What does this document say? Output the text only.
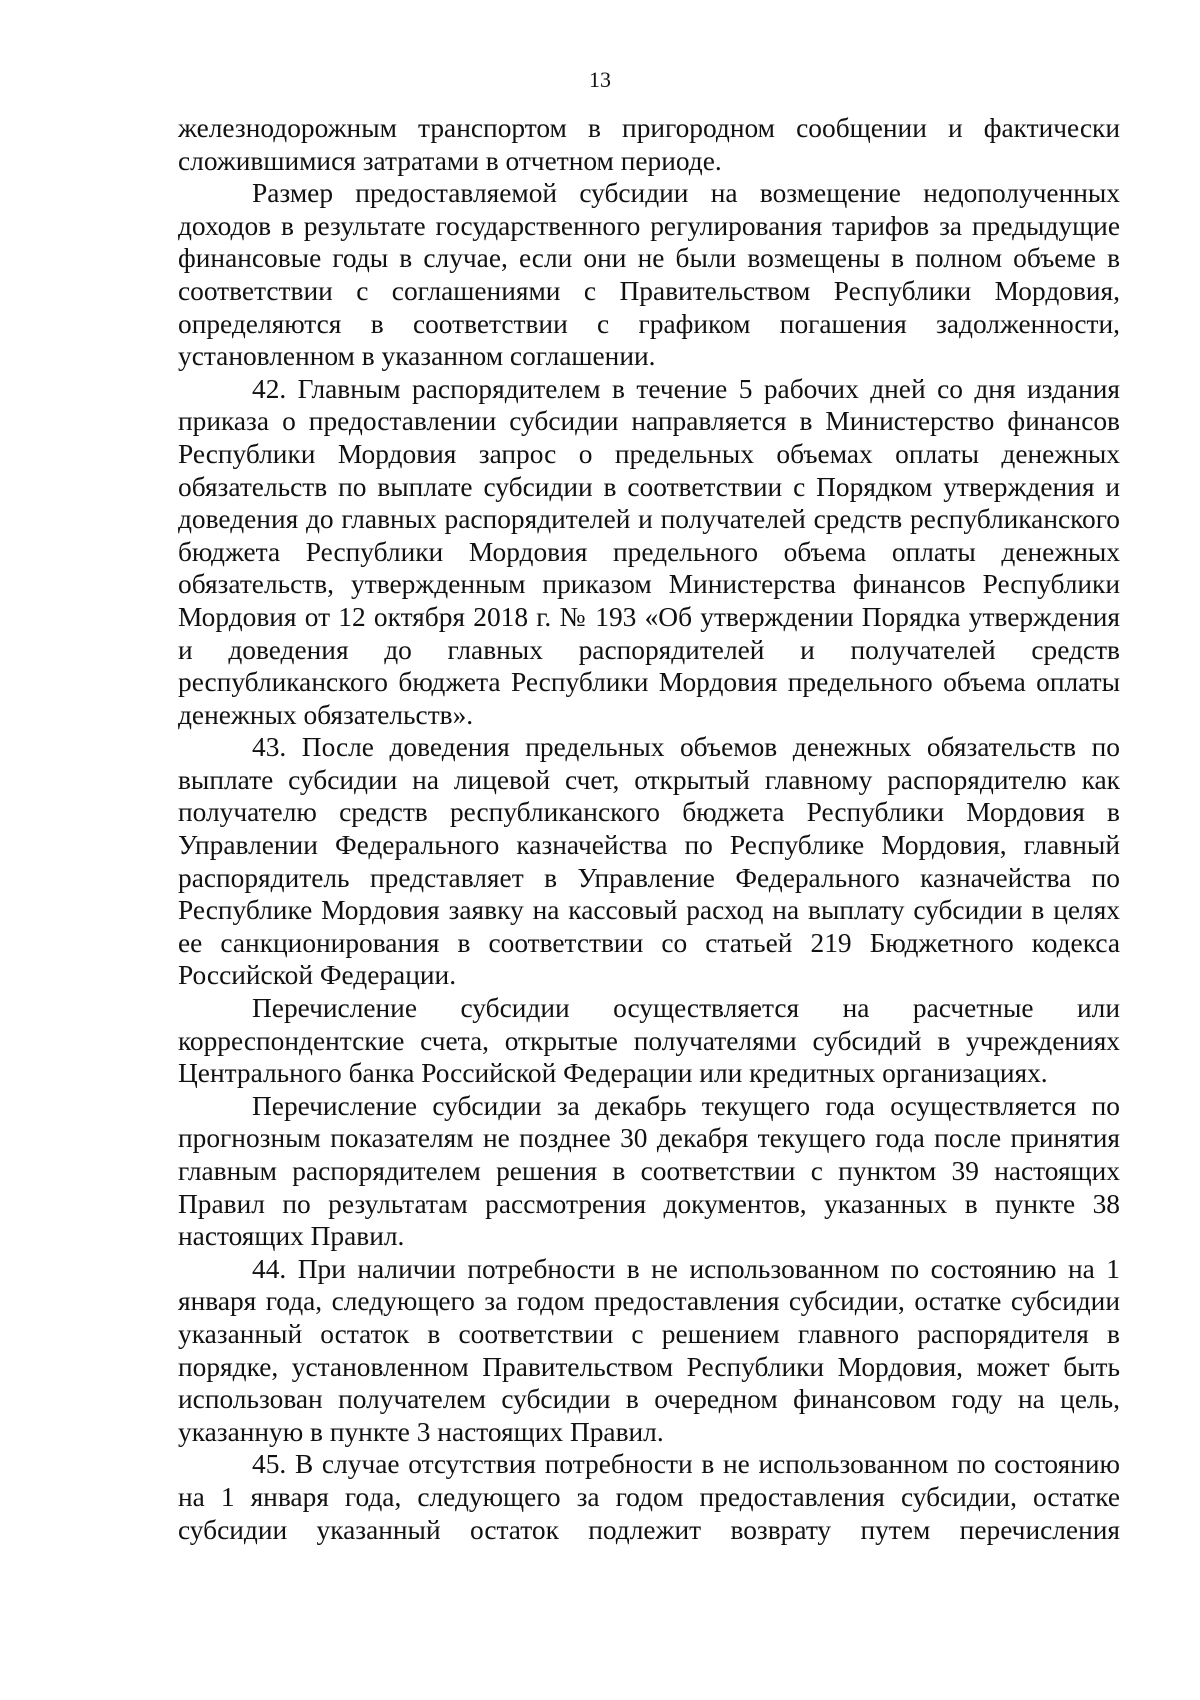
13

железнодорожным транспортом в пригородном сообщении и фактически сложившимися затратами в отчетном периоде.

Размер предоставляемой субсидии на возмещение недополученных доходов в результате государственного регулирования тарифов за предыдущие финансовые годы в случае, если они не были возмещены в полном объеме в соответствии с соглашениями с Правительством Республики Мордовия, определяются в соответствии с графиком погашения задолженности, установленном в указанном соглашении.

42. Главным распорядителем в течение 5 рабочих дней со дня издания приказа о предоставлении субсидии направляется в Министерство финансов Республики Мордовия запрос о предельных объемах оплаты денежных обязательств по выплате субсидии в соответствии с Порядком утверждения и доведения до главных распорядителей и получателей средств республиканского бюджета Республики Мордовия предельного объема оплаты денежных обязательств, утвержденным приказом Министерства финансов Республики Мордовия от 12 октября 2018 г. № 193 «Об утверждении Порядка утверждения и доведения до главных распорядителей и получателей средств республиканского бюджета Республики Мордовия предельного объема оплаты денежных обязательств».

43. После доведения предельных объемов денежных обязательств по выплате субсидии на лицевой счет, открытый главному распорядителю как получателю средств республиканского бюджета Республики Мордовия в Управлении Федерального казначейства по Республике Мордовия, главный распорядитель представляет в Управление Федерального казначейства по Республике Мордовия заявку на кассовый расход на выплату субсидии в целях ее санкционирования в соответствии со статьей 219 Бюджетного кодекса Российской Федерации.

Перечисление субсидии осуществляется на расчетные или корреспондентские счета, открытые получателями субсидий в учреждениях Центрального банка Российской Федерации или кредитных организациях.

Перечисление субсидии за декабрь текущего года осуществляется по прогнозным показателям не позднее 30 декабря текущего года после принятия главным распорядителем решения в соответствии с пунктом 39 настоящих Правил по результатам рассмотрения документов, указанных в пункте 38 настоящих Правил.

44. При наличии потребности в не использованном по состоянию на 1 января года, следующего за годом предоставления субсидии, остатке субсидии указанный остаток в соответствии с решением главного распорядителя в порядке, установленном Правительством Республики Мордовия, может быть использован получателем субсидии в очередном финансовом году на цель, указанную в пункте 3 настоящих Правил.

45. В случае отсутствия потребности в не использованном по состоянию на 1 января года, следующего за годом предоставления субсидии, остатке субсидии указанный остаток подлежит возврату путем перечисления
